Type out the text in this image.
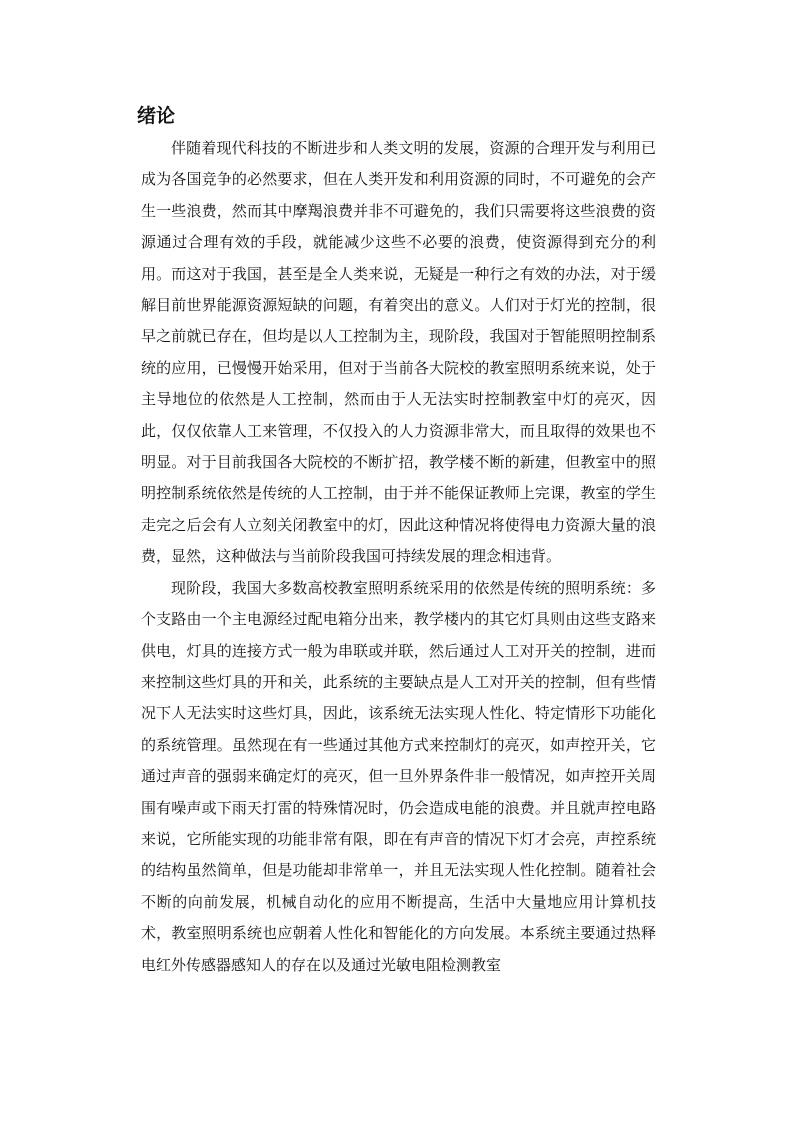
绪论

伴随着现代科技的不断进步和人类文明的发展，资源的合理开发与利用已成为各国竞争的必然要求，但在人类开发和利用资源的同时，不可避免的会产生一些浪费，然而其中摩羯浪费并非不可避免的，我们只需要将这些浪费的资源通过合理有效的手段，就能减少这些不必要的浪费，使资源得到充分的利用。而这对于我国，甚至是全人类来说，无疑是一种行之有效的办法，对于缓解目前世界能源资源短缺的问题，有着突出的意义。人们对于灯光的控制，很早之前就已存在，但均是以人工控制为主，现阶段，我国对于智能照明控制系统的应用，已慢慢开始采用，但对于当前各大院校的教室照明系统来说，处于主导地位的依然是人工控制，然而由于人无法实时控制教室中灯的亮灭，因此，仅仅依靠人工来管理，不仅投入的人力资源非常大，而且取得的效果也不明显。对于目前我国各大院校的不断扩招，教学楼不断的新建，但教室中的照明控制系统依然是传统的人工控制，由于并不能保证教师上完课，教室的学生走完之后会有人立刻关闭教室中的灯，因此这种情况将使得电力资源大量的浪费，显然，这种做法与当前阶段我国可持续发展的理念相违背。

现阶段，我国大多数高校教室照明系统采用的依然是传统的照明系统：多个支路由一个主电源经过配电箱分出来，教学楼内的其它灯具则由这些支路来供电，灯具的连接方式一般为串联或并联，然后通过人工对开关的控制，进而来控制这些灯具的开和关，此系统的主要缺点是人工对开关的控制，但有些情况下人无法实时这些灯具，因此，该系统无法实现人性化、特定情形下功能化的系统管理。虽然现在有一些通过其他方式来控制灯的亮灭，如声控开关，它通过声音的强弱来确定灯的亮灭，但一旦外界条件非一般情况，如声控开关周围有噪声或下雨天打雷的特殊情况时，仍会造成电能的浪费。并且就声控电路来说，它所能实现的功能非常有限，即在有声音的情况下灯才会亮，声控系统的结构虽然简单，但是功能却非常单一，并且无法实现人性化控制。随着社会不断的向前发展，机械自动化的应用不断提高，生活中大量地应用计算机技术，教室照明系统也应朝着人性化和智能化的方向发展。本系统主要通过热释电红外传感器感知人的存在以及通过光敏电阻检测教室
